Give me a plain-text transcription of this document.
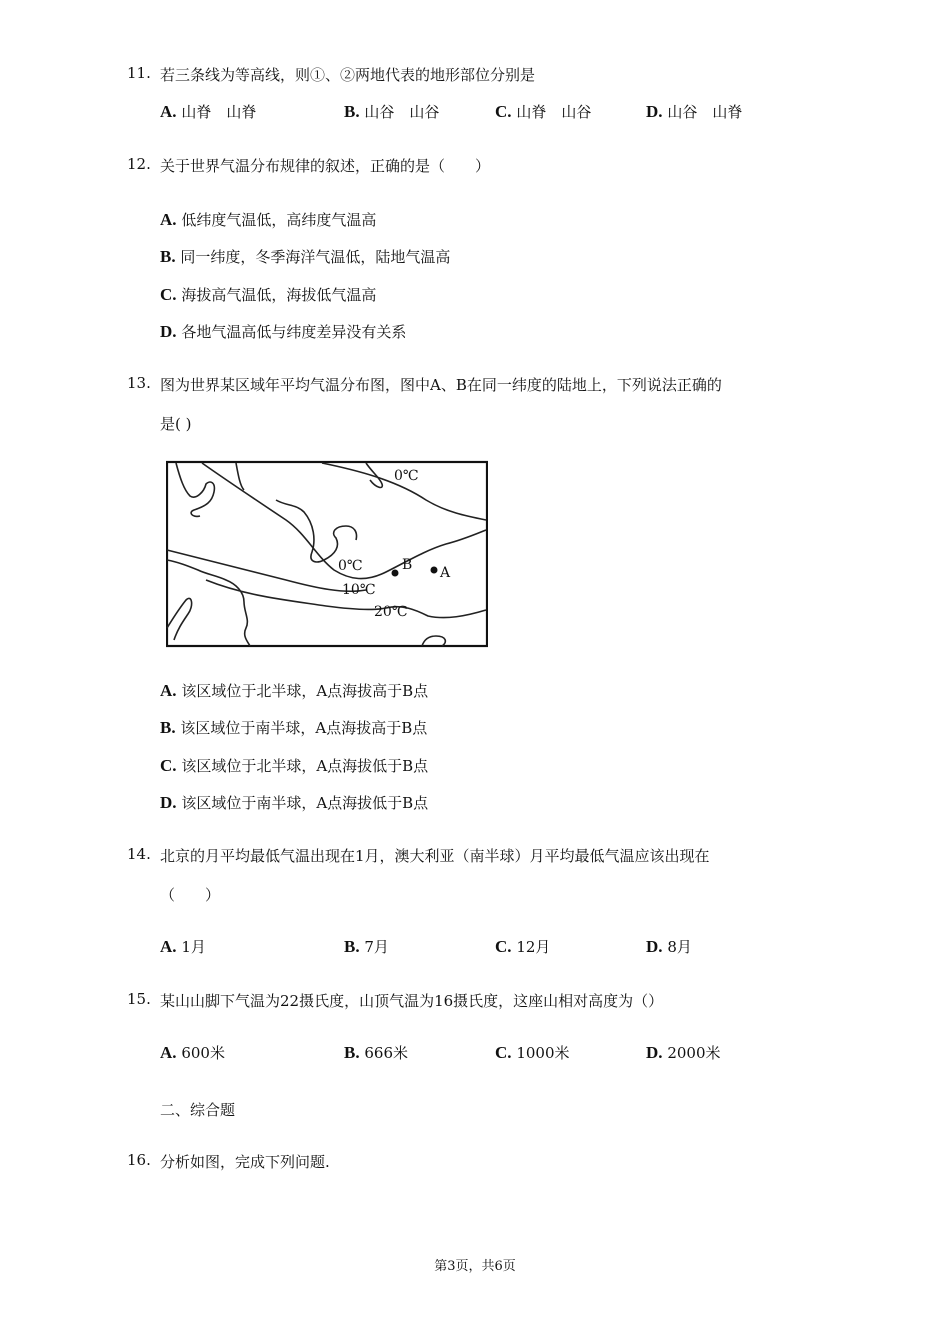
11. 若三条线为等高线，则①、②两地代表的地形部位分别是
A. 山脊　山脊	B. 山谷　山谷	C. 山脊　山谷	D. 山谷　山脊
12. 关于世界气温分布规律的叙述，正确的是（　　）
A. 低纬度气温低，高纬度气温高
B. 同一纬度，冬季海洋气温低，陆地气温高
C. 海拔高气温低，海拔低气温高
D. 各地气温高低与纬度差异没有关系
13. 图为世界某区域年平均气温分布图，图中A、B在同一纬度的陆地上，下列说法正确的
是( )
0℃
0℃
10℃
20℃
B A
A. 该区域位于北半球，A点海拔高于B点
B. 该区域位于南半球，A点海拔高于B点
C. 该区域位于北半球，A点海拔低于B点
D. 该区域位于南半球，A点海拔低于B点
14. 北京的月平均最低气温出现在1月，澳大利亚（南半球）月平均最低气温应该出现在
（　　）
A. 1月	B. 7月	C. 12月	D. 8月
15. 某山山脚下气温为22摄氏度，山顶气温为16摄氏度，这座山相对高度为（）
A. 600米	B. 666米	C. 1000米	D. 2000米
二、综合题
16. 分析如图，完成下列问题.
第3页，共6页
